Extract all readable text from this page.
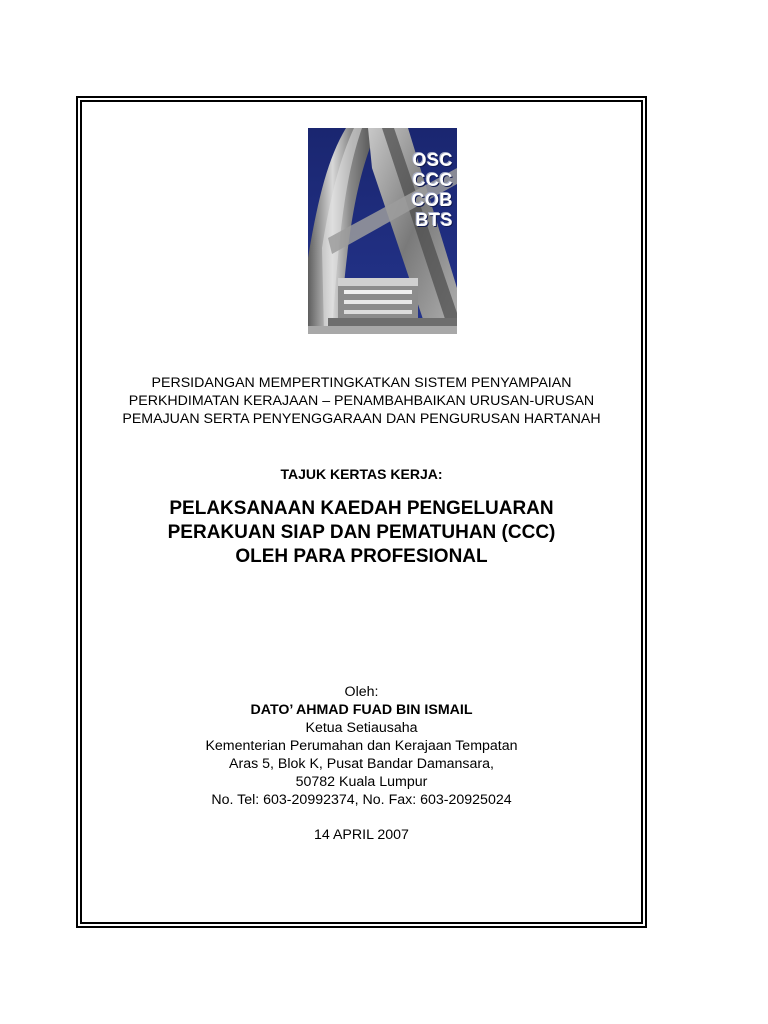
OSC
CCC
COB
BTS
PERSIDANGAN MEMPERTINGKATKAN SISTEM PENYAMPAIAN
PERKHDIMATAN KERAJAAN – PENAMBAHBAIKAN URUSAN-URUSAN
PEMAJUAN SERTA PENYENGGARAAN DAN PENGURUSAN HARTANAH
TAJUK KERTAS KERJA:
PELAKSANAAN KAEDAH PENGELUARAN
PERAKUAN SIAP DAN PEMATUHAN (CCC)
OLEH PARA PROFESIONAL
Oleh:
DATO’ AHMAD FUAD BIN ISMAIL
Ketua Setiausaha
Kementerian Perumahan dan Kerajaan Tempatan
Aras 5, Blok K, Pusat Bandar Damansara,
50782 Kuala Lumpur
No. Tel: 603-20992374, No. Fax: 603-20925024
14 APRIL 2007
